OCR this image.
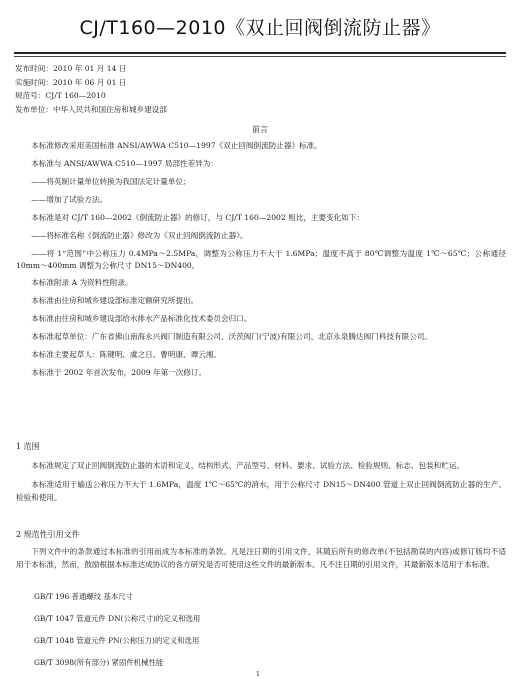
CJ/T160—2010《双止回阀倒流防止器》
发布时间：2010 年 01 月 14 日
实施时间：2010 年 06 月 01 日
规范号：CJ/T 160—2010
发布单位：中华人民共和国住房和城乡建设部
前言

本标准修改采用美国标准 ANSI/AWWA C510—1997《双止回阀倒流防止器》标准。

本标准与 ANSI/AWWA C510—1997 局部性差异为：

——将英制计量单位转换为我国法定计量单位；

——增加了试验方法。

本标准是对 CJ/T 160—2002《倒流防止器》的修订，与 CJ/T 160—2002 相比，主要变化如下：

——将标准名称《倒流防止器》修改为《双止回阀倒流防止器》。

——将 1“范围”中公称压力 0.4MPa～2.5MPa，调整为公称压力不大于 1.6MPa；温度不高于 80℃调整为温度 1℃～65℃；公称通径 10mm～400mm 调整为公称尺寸 DN15～DN400。

本标准附录 A 为资料性附录。

本标准由住房和城乡建设部标准定额研究所提出。

本标准由住房和城乡建设部给水排水产品标准化技术委员会归口。

本标准起草单位：广东省佛山南海永兴阀门制造有限公司、沃茨阀门(宁波)有限公司、北京永泉腾达阀门科技有限公司。

本标准主要起草人：陈键明、虞之日、曹明康、谭云湘。

本标准于 2002 年首次发布，2009 年第一次修订。

1 范围

本标准规定了双止回阀倒流防止器的术语和定义、结构形式、产品型号、材料、要求、试验方法、检验规则、标志、包装和贮运。

本标准适用于输送公称压力不大于 1.6MPa，温度 1℃～65℃的消水，用于公称尺寸 DN15～DN400 管道上双止回阀倒流防止器的生产、检验和使用。

2 规范性引用文件

下列文件中的条款通过本标准的引用而成为本标准的条款。凡是注日期的引用文件，其随后所有的修改单(不包括勘误的内容)或修订版均不适用于本标准，然而，鼓励根据本标准达成协议的各方研究是否可使用这些文件的最新版本。凡不注日期的引用文件，其最新版本适用于本标准。

GB/T 196 普通螺纹 基本尺寸
GB/T 1047 管道元件 DN(公称尺寸)的定义和选用
GB/T 1048 管道元件 PN(公称压力)的定义和选用
GB/T 3098(所有部分) 紧固件机械性能
1
